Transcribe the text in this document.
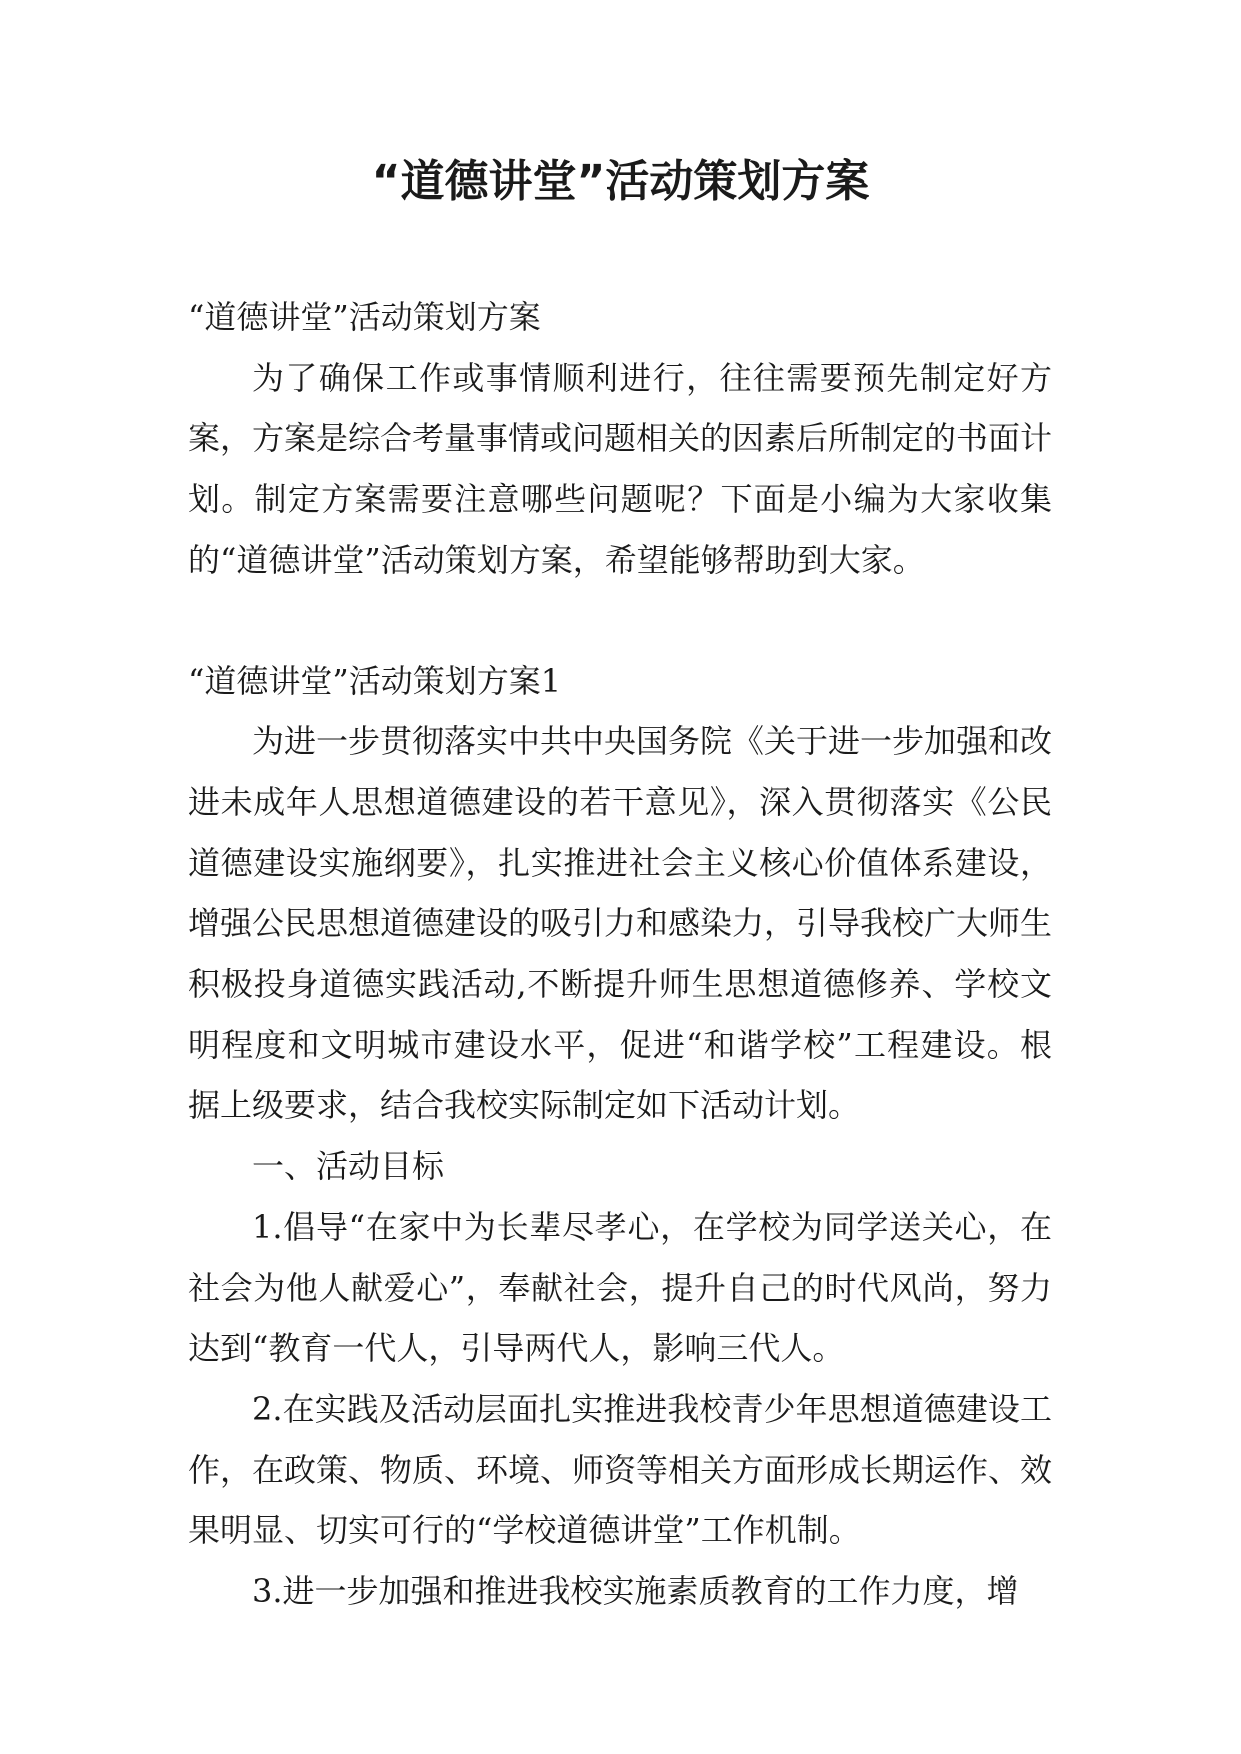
“道德讲堂”活动策划方案

“道德讲堂”活动策划方案

为了确保工作或事情顺利进行，往往需要预先制定好方案，方案是综合考量事情或问题相关的因素后所制定的书面计划。制定方案需要注意哪些问题呢？下面是小编为大家收集的“道德讲堂”活动策划方案，希望能够帮助到大家。

“道德讲堂”活动策划方案1

为进一步贯彻落实中共中央国务院《关于进一步加强和改进未成年人思想道德建设的若干意见》，深入贯彻落实《公民道德建设实施纲要》，扎实推进社会主义核心价值体系建设，增强公民思想道德建设的吸引力和感染力，引导我校广大师生积极投身道德实践活动,不断提升师生思想道德修养、学校文明程度和文明城市建设水平，促进“和谐学校”工程建设。根据上级要求，结合我校实际制定如下活动计划。

一、活动目标

1.倡导“在家中为长辈尽孝心，在学校为同学送关心，在社会为他人献爱心”，奉献社会，提升自己的时代风尚，努力达到“教育一代人，引导两代人，影响三代人。

2.在实践及活动层面扎实推进我校青少年思想道德建设工作，在政策、物质、环境、师资等相关方面形成长期运作、效果明显、切实可行的“学校道德讲堂”工作机制。

3.进一步加强和推进我校实施素质教育的工作力度，增
